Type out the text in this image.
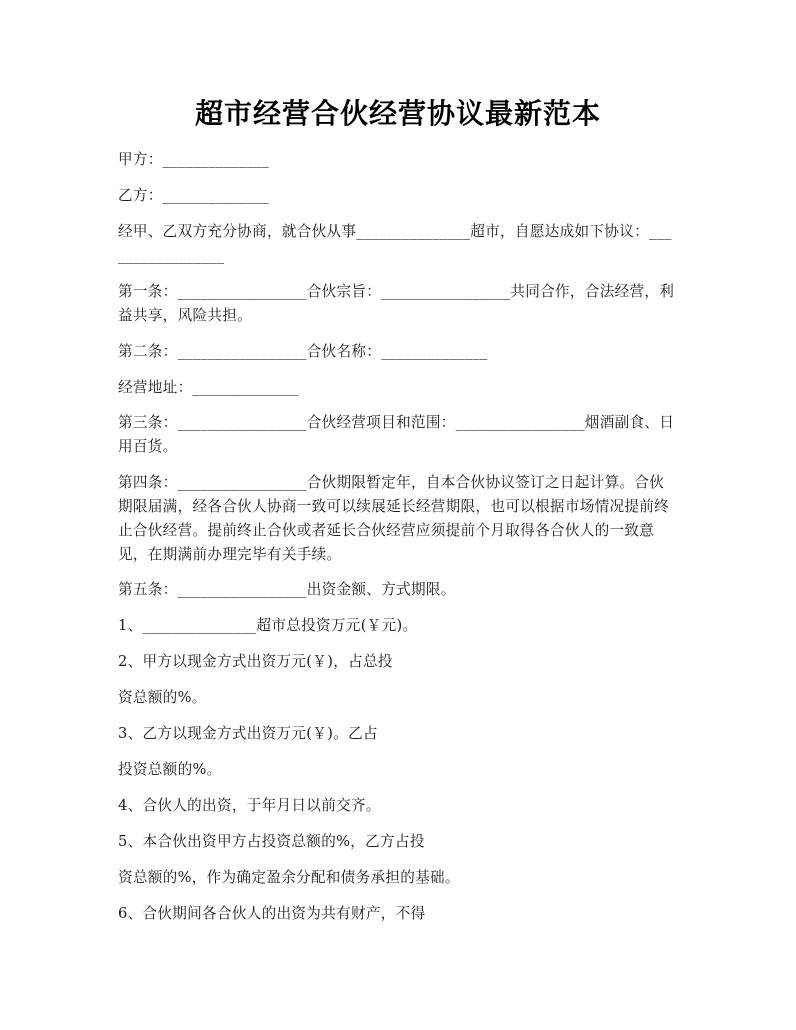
超市经营合伙经营协议最新范本
甲方：______________
乙方：______________
经甲、乙双方充分协商，就合伙从事_______________超市，自愿达成如下协议：_________________
第一条：_________________合伙宗旨：_________________共同合作，合法经营，利益共享，风险共担。
第二条：_________________合伙名称：______________
经营地址：______________
第三条：_________________合伙经营项目和范围：_________________烟酒副食、日用百货。
第四条：_________________合伙期限暂定年，自本合伙协议签订之日起计算。合伙期限届满，经各合伙人协商一致可以续展延长经营期限，也可以根据市场情况提前终止合伙经营。提前终止合伙或者延长合伙经营应须提前个月取得各合伙人的一致意见，在期满前办理完毕有关手续。
第五条：_________________出资金额、方式期限。
1、_______________超市总投资万元(￥元)。
2、甲方以现金方式出资万元(￥)，占总投
资总额的%。
3、乙方以现金方式出资万元(￥)。乙占
投资总额的%。
4、合伙人的出资，于年月日以前交齐。
5、本合伙出资甲方占投资总额的%，乙方占投
资总额的%，作为确定盈余分配和债务承担的基础。
6、合伙期间各合伙人的出资为共有财产，不得
